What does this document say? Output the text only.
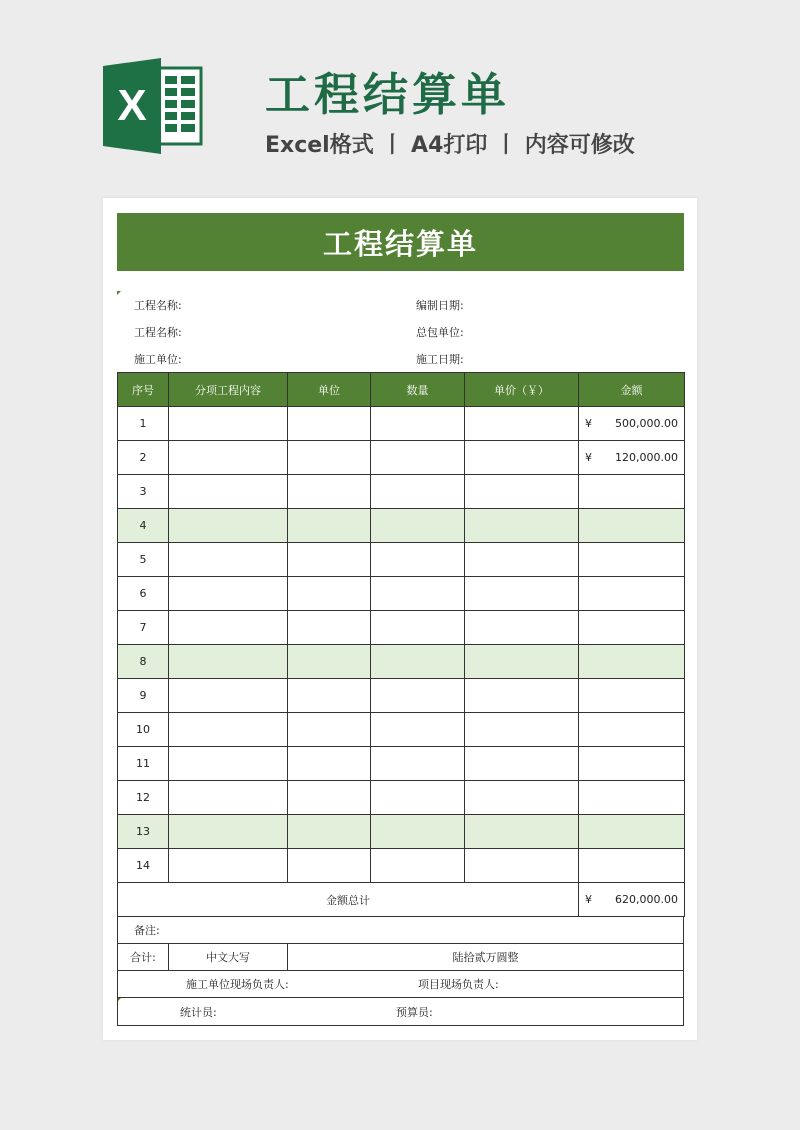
X	工程结算单
Excel格式 丨 A4打印 丨 内容可修改
工程结算单
工程名称:	编制日期:
工程名称:	总包单位:
施工单位:	施工日期:
序号	分项工程内容	单位	数量	单价（￥）	金额
1					¥ 500,000.00

2					¥ 120,000.00

3					

4					

5					

6					

7					

8					

9					

10					

11					

12					

13					

14					

金额总计					¥ 620,000.00
备注:
合计:	中文大写	陆拾贰万圆整
施工单位现场负责人:	项目现场负责人:
统计员:	预算员:
